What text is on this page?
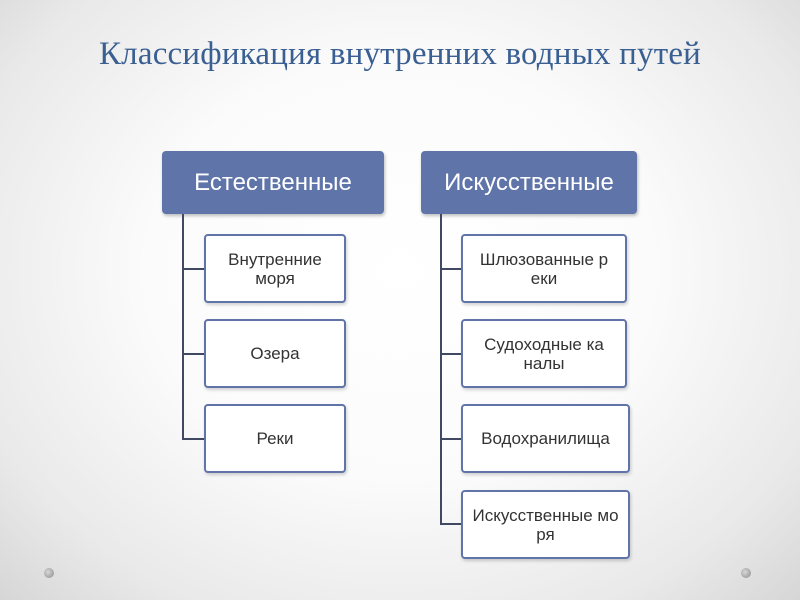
Классификация внутренних водных путей
Естественные
Внутренние моря
Озера
Реки
Искусственные
Шлюзованные реки
Судоходные каналы
Водохранилища
Искусственные моря
